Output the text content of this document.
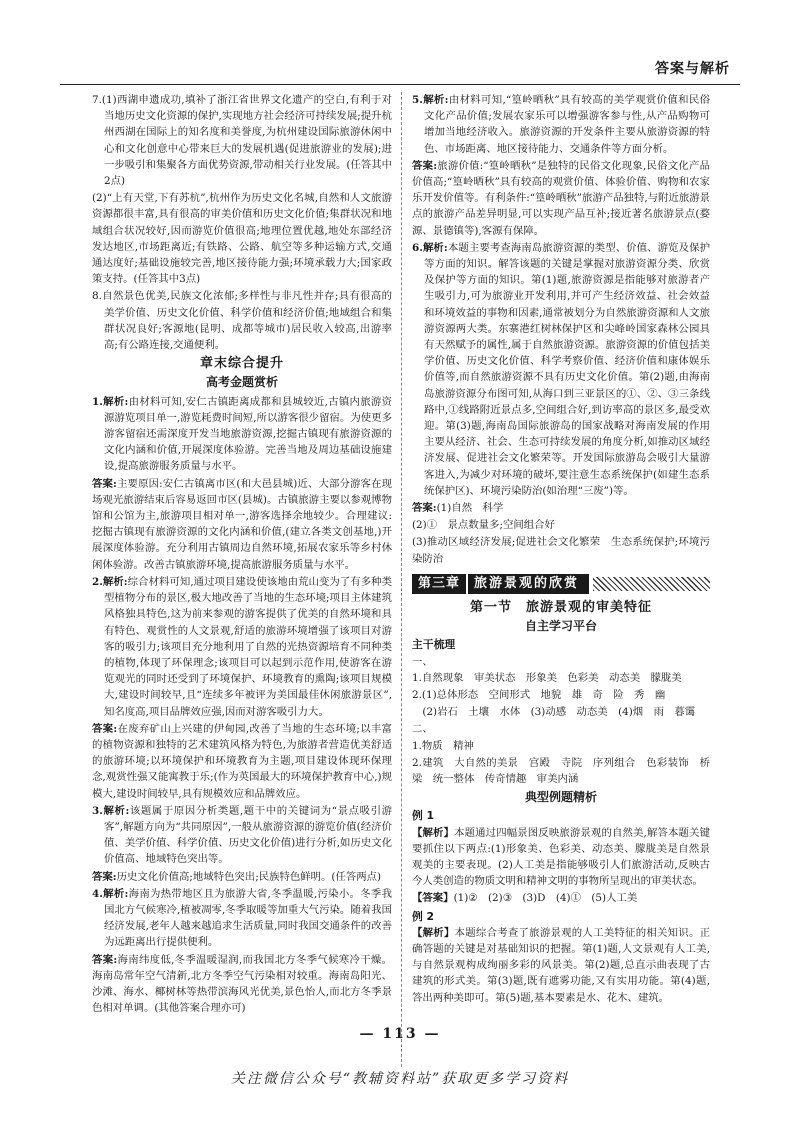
答案与解析
7.(1)西湖申遗成功,填补了浙江省世界文化遗产的空白,有利于对当地历史文化资源的保护,实现地方社会经济可持续发展;提升杭州西湖在国际上的知名度和美誉度,为杭州建设国际旅游休闲中心和文化创意中心带来巨大的发展机遇(促进旅游业的发展);进一步吸引和集聚各方面优势资源,带动相关行业发展。(任答其中2点)
(2)“上有天堂,下有苏杭”,杭州作为历史文化名城,自然和人文旅游资源都很丰富,具有很高的审美价值和历史文化价值;集群状况和地域组合状况较好,因而游览价值很高;地理位置优越,地处东部经济发达地区,市场距离近;有铁路、公路、航空等多种运输方式,交通通达度好;基础设施较完善,地区接待能力强;环境承载力大;国家政策支持。(任答其中3点)
8.自然景色优美,民族文化浓郁;多样性与非凡性并存;具有很高的美学价值、历史文化价值、科学价值和经济价值;地域组合和集群状况良好;客源地(昆明、成都等城市)居民收入较高,出游率高;有公路连接,交通便利。
章末综合提升
高考金题赏析
1.解析:由材料可知,安仁古镇距离成都和县城较近,古镇内旅游资源游览项目单一,游览耗费时间短,所以游客很少留宿。为使更多游客留宿还需深度开发当地旅游资源,挖掘古镇现有旅游资源的文化内涵和价值,开展深度体验游。完善当地及周边基础设施建设,提高旅游服务质量与水平。
答案:主要原因:安仁古镇离市区(和大邑县城)近、大部分游客在现场观光旅游结束后容易返回市区(县城)。古镇旅游主要以参观博物馆和公馆为主,旅游项目相对单一,游客选择余地较少。合理建议:挖掘古镇现有旅游资源的文化内涵和价值,(建立各类文创基地,)开展深度体验游。充分利用古镇周边自然环境,拓展农家乐等乡村休闲体验游。改善古镇旅游环境,提高旅游服务质量与水平。
2.解析:综合材料可知,通过项目建设使该地由荒山变为了有多种类型植物分布的景区,极大地改善了当地的生态环境;项目主体建筑风格独具特色,这为前来参观的游客提供了优美的自然环境和具有特色、观赏性的人文景观,舒适的旅游环境增强了该项目对游客的吸引力;该项目充分地利用了自然的光热资源培育不同种类的植物,体现了环保理念;该项目可以起到示范作用,使游客在游览观光的同时还受到了环境保护、环境教育的熏陶;该项目规模大,建设时间较早,且“连续多年被评为美国最佳休闲旅游景区”,知名度高,项目品牌效应强,因而对游客吸引力大。
答案:在废弃矿山上兴建的伊甸园,改善了当地的生态环境;以丰富的植物资源和独特的艺术建筑风格为特色,为旅游者营造优美舒适的旅游环境;以环境保护和环境教育为主题,项目建设体现环保理念,观赏性强又能寓教于乐;(作为英国最大的环境保护教育中心,)规模大,建设时间较早,具有规模效应和品牌效应。
3.解析:该题属于原因分析类题,题干中的关键词为“景点吸引游客”,解题方向为“共同原因”,一般从旅游资源的游览价值(经济价值、美学价值、科学价值、历史文化价值)进行分析,如历史文化价值高、地域特色突出等。
答案:历史文化价值高;地域特色突出;民族特色鲜明。(任答两点)
4.解析:海南为热带地区且为旅游大省,冬季温暖,污染小。冬季我国北方气候寒冷,植被凋零,冬季取暖等加重大气污染。随着我国经济发展,老年人越来越追求生活质量,同时我国交通条件的改善为远距离出行提供便利。
答案:海南纬度低,冬季温暖湿润,而我国北方冬季气候寒冷干燥。海南岛常年空气清新,北方冬季空气污染相对较重。海南岛阳光、沙滩、海水、椰树林等热带滨海风光优美,景色怡人,而北方冬季景色相对单调。(其他答案合理亦可)
5.解析:由材料可知,“篁岭晒秋”具有较高的美学观赏价值和民俗文化产品价值;发展农家乐可以增强游客参与性,从产品购物可增加当地经济收入。旅游资源的开发条件主要从旅游资源的特色、市场距离、地区接待能力、交通条件等方面分析。
答案:旅游价值:“篁岭晒秋”是独特的民俗文化现象,民俗文化产品价值高;“篁岭晒秋”具有较高的观赏价值、体验价值、购物和农家乐开发价值等。有利条件:“篁岭晒秋”旅游产品独特,与附近旅游景点的旅游产品差异明显,可以实现产品互补;接近著名旅游景点(婺源、景德镇等),客源有保障。
6.解析:本题主要考查海南岛旅游资源的类型、价值、游览及保护等方面的知识。解答该题的关键是掌握对旅游资源分类、欣赏及保护等方面的知识。第(1)题,旅游资源是指能够对旅游者产生吸引力,可为旅游业开发利用,并可产生经济效益、社会效益和环境效益的事物和因素,通常被划分为自然旅游资源和人文旅游资源两大类。东寨港红树林保护区和尖峰岭国家森林公园具有天然赋予的属性,属于自然旅游资源。旅游资源的价值包括美学价值、历史文化价值、科学考察价值、经济价值和康体娱乐价值等,而自然旅游资源不具有历史文化价值。第(2)题,由海南岛旅游资源分布图可知,从海口到三亚景区的①、②、③三条线路中,①线路附近景点多,空间组合好,到访率高的景区多,最受欢迎。第(3)题,海南岛国际旅游岛的国家战略对海南发展的作用主要从经济、社会、生态可持续发展的角度分析,如推动区域经济发展、促进社会文化繁荣等。开发国际旅游岛会吸引大量游客进入,为减少对环境的破坏,要注意生态系统保护(如建生态系统保护区)、环境污染防治(如治理“三废”)等。
答案:(1)自然　科学
(2)①　景点数量多;空间组合好
(3)推动区域经济发展;促进社会文化繁荣　生态系统保护;环境污染防治
第三章	旅游景观的欣赏
第一节　旅游景观的审美特征
自主学习平台
主干梳理
一、
1.自然现象　审美状态　形象美　色彩美　动态美　朦胧美
2.(1)总体形态　空间形式　地貌　雄　奇　险　秀　幽
　(2)岩石　土壤　水体　(3)动感　动态美　(4)烟　雨　暮霭
二、
1.物质　精神
2.建筑　大自然的美景　宫殿　寺院　序列组合　色彩装饰　桥梁　统一整体　传奇情趣　审美内涵
典型例题精析
例 1
【解析】本题通过四幅景图反映旅游景观的自然美,解答本题关键要抓住以下两点:(1)形象美、色彩美、动态美、朦胧美是自然景观美的主要表现。(2)人工美是指能够吸引人们旅游活动,反映古今人类创造的物质文明和精神文明的事物所呈现出的审美状态。
【答案】(1)②　(2)③　(3)D　(4)①　(5)人工美
例 2
【解析】本题综合考查了旅游景观的人工美特征的相关知识。正确答题的关键是对基础知识的把握。第(1)题,人文景观有人工美,与自然景观构成绚丽多彩的风景美。第(2)题,总直示曲表现了古建筑的形式美。第(3)题,既有遮雾功能,又有实用功能。第(4)题,答出两种美即可。第(5)题,基本要素是水、花木、建筑。
— 113 —
关注微信公众号“教辅资料站”获取更多学习资料
